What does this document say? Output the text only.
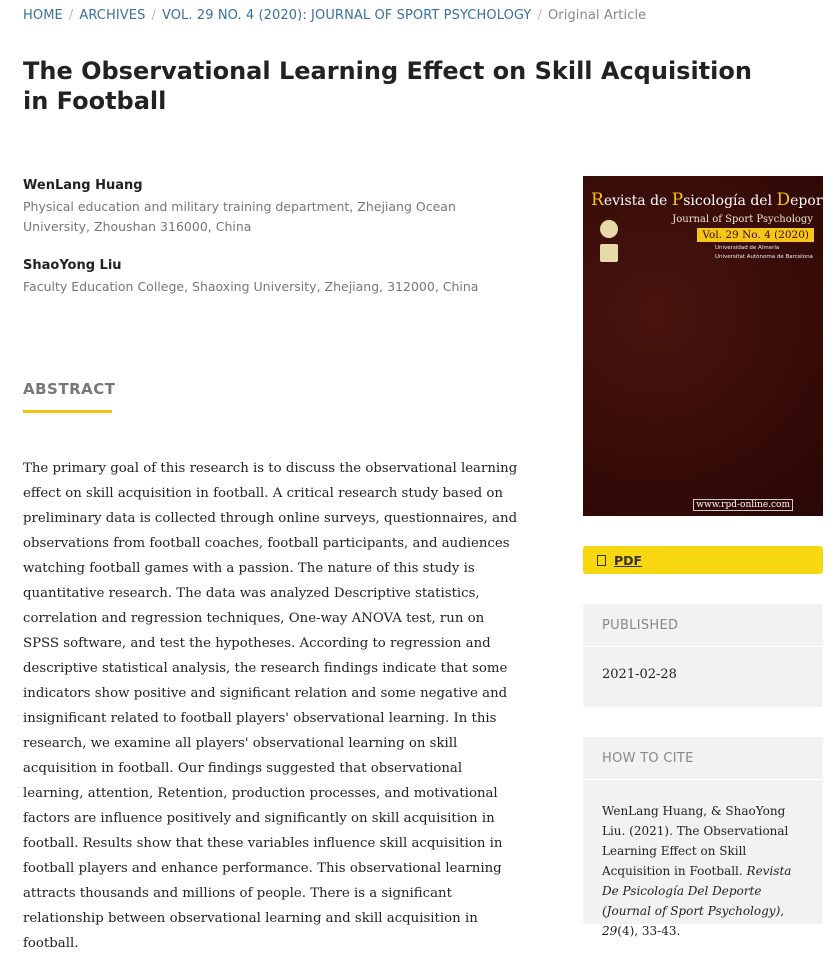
HOME / ARCHIVES / VOL. 29 NO. 4 (2020): JOURNAL OF SPORT PSYCHOLOGY / Original Article
The Observational Learning Effect on Skill Acquisition in Football
WenLang Huang
Physical education and military training department, Zhejiang Ocean University, Zhoushan 316000, China
ShaoYong Liu
Faculty Education College, Shaoxing University, Zhejiang, 312000, China
ABSTRACT

The primary goal of this research is to discuss the observational learning effect on skill acquisition in football. A critical research study based on preliminary data is collected through online surveys, questionnaires, and observations from football coaches, football participants, and audiences watching football games with a passion. The nature of this study is quantitative research. The data was analyzed Descriptive statistics, correlation and regression techniques, One-way ANOVA test, run on SPSS software, and test the hypotheses. According to regression and descriptive statistical analysis, the research findings indicate that some indicators show positive and significant relation and some negative and insignificant related to football players' observational learning. In this research, we examine all players' observational learning on skill acquisition in football. Our findings suggested that observational learning, attention, Retention, production processes, and motivational factors are influence positively and significantly on skill acquisition in football. Results show that these variables influence skill acquisition in football players and enhance performance. This observational learning attracts thousands and millions of people. There is a significant relationship between observational learning and skill acquisition in football.

Revista de Psicología del Deporte
Journal of Sport Psychology
Vol. 29 No. 4 (2020)
Universidad de Almería
Universitat Autònoma de Barcelona
www.rpd-online.com
PDF
PUBLISHED
2021-02-28
HOW TO CITE
WenLang Huang, & ShaoYong Liu. (2021). The Observational Learning Effect on Skill Acquisition in Football. Revista De Psicología Del Deporte (Journal of Sport Psychology), 29(4), 33-43.
